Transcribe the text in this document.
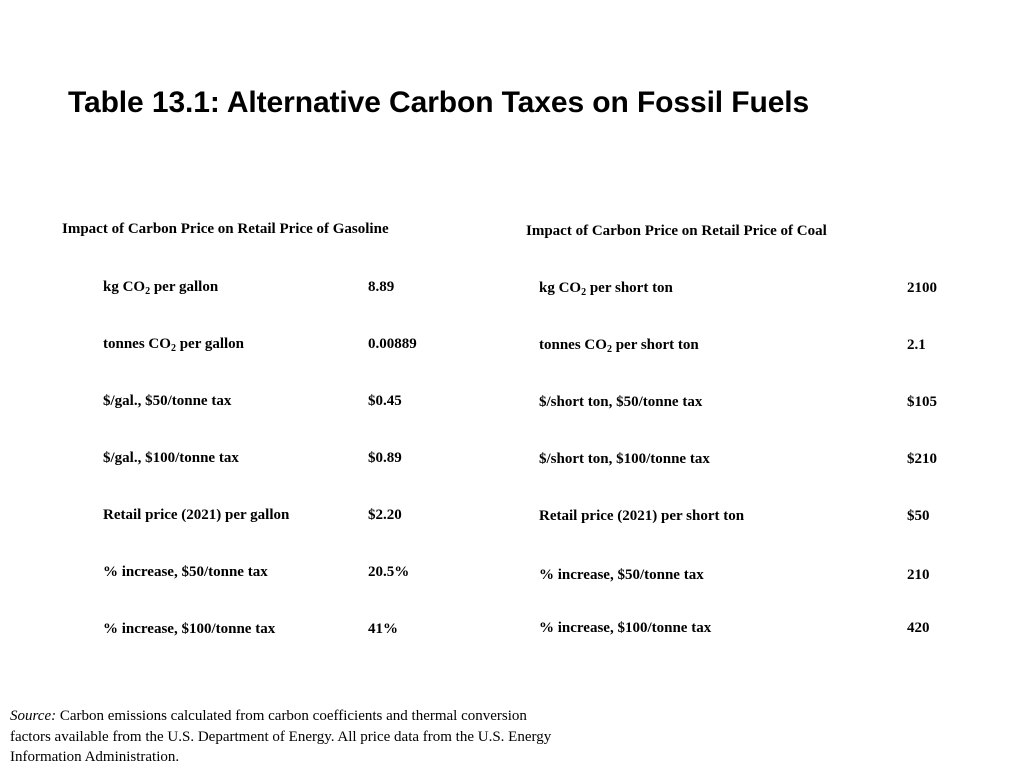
Table 13.1: Alternative Carbon Taxes on Fossil Fuels

Impact of Carbon Price on Retail Price of Gasoline

kg $CO_2$ per gallon	8.89
tonnes $CO_2$ per gallon	0.00889
$/gal., $50/tonne tax	$0.45
$/gal., $100/tonne tax	$0.89
Retail price (2021) per gallon	$2.20
% increase, $50/tonne tax	20.5%
% increase, $100/tonne tax	41%

Impact of Carbon Price on Retail Price of Coal

kg $CO_2$ per short ton	2100
tonnes $CO_2$ per short ton	2.1
$/short ton, $50/tonne tax	$105
$/short ton, $100/tonne tax	$210
Retail price (2021) per short ton	$50
% increase, $50/tonne tax	210
% increase, $100/tonne tax	420

Source: Carbon emissions calculated from carbon coefficients and thermal conversion factors available from the U.S. Department of Energy. All price data from the U.S. Energy Information Administration.
